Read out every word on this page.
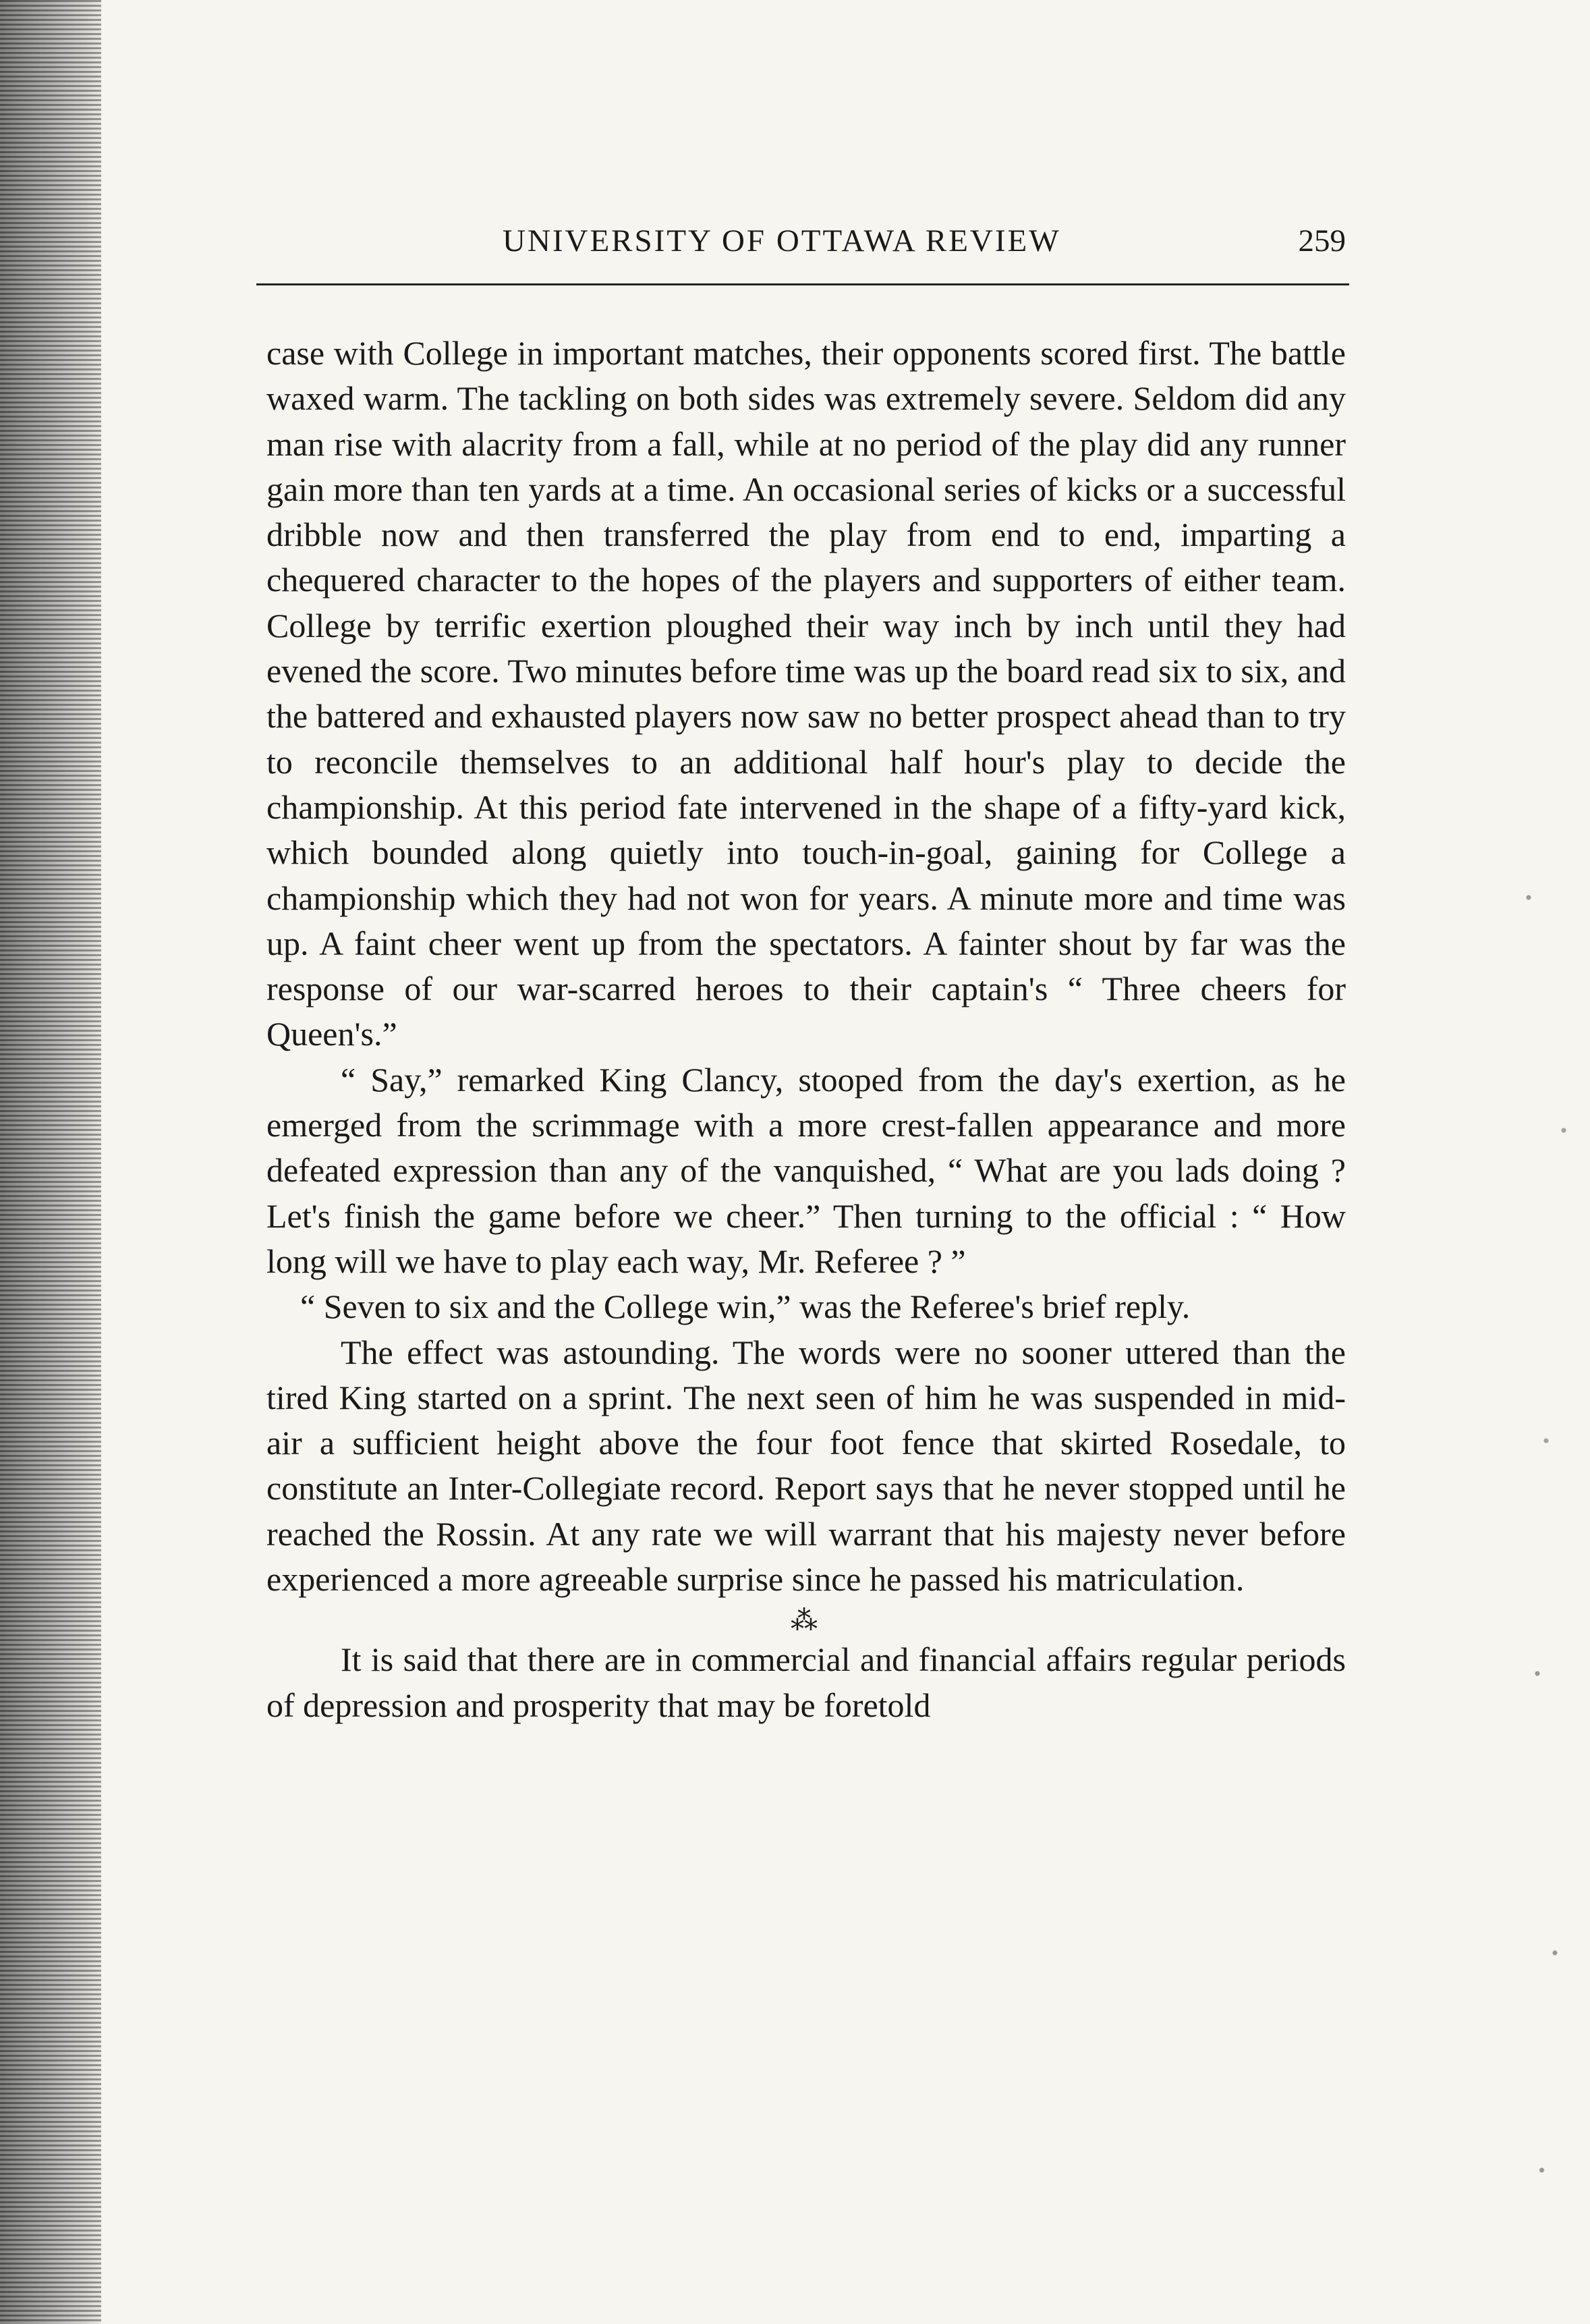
UNIVERSITY OF OTTAWA REVIEW	259

case with College in important matches, their opponents scored first. The battle waxed warm. The tackling on both sides was extremely severe. Seldom did any man rise with alacrity from a fall, while at no period of the play did any runner gain more than ten yards at a time. An occasional series of kicks or a successful dribble now and then transferred the play from end to end, imparting a chequered character to the hopes of the players and supporters of either team. College by terrific exertion ploughed their way inch by inch until they had evened the score. Two minutes before time was up the board read six to six, and the battered and exhausted players now saw no better prospect ahead than to try to reconcile themselves to an additional half hour's play to decide the championship. At this period fate intervened in the shape of a fifty-yard kick, which bounded along quietly into touch-in-goal, gaining for College a championship which they had not won for years. A minute more and time was up. A faint cheer went up from the spectators. A fainter shout by far was the response of our war-scarred heroes to their captain's “ Three cheers for Queen's.”

“ Say,” remarked King Clancy, stooped from the day's exertion, as he emerged from the scrimmage with a more crest-fallen appearance and more defeated expression than any of the vanquished, “ What are you lads doing ? Let's finish the game before we cheer.” Then turning to the official : “ How long will we have to play each way, Mr. Referee ? ”

“ Seven to six and the College win,” was the Referee's brief reply.

The effect was astounding. The words were no sooner uttered than the tired King started on a sprint. The next seen of him he was suspended in mid-air a sufficient height above the four foot fence that skirted Rosedale, to constitute an Inter-Collegiate record. Report says that he never stopped until he reached the Rossin. At any rate we will warrant that his majesty never before experienced a more agreeable surprise since he passed his matriculation.

⁂

It is said that there are in commercial and financial affairs regular periods of depression and prosperity that may be foretold
